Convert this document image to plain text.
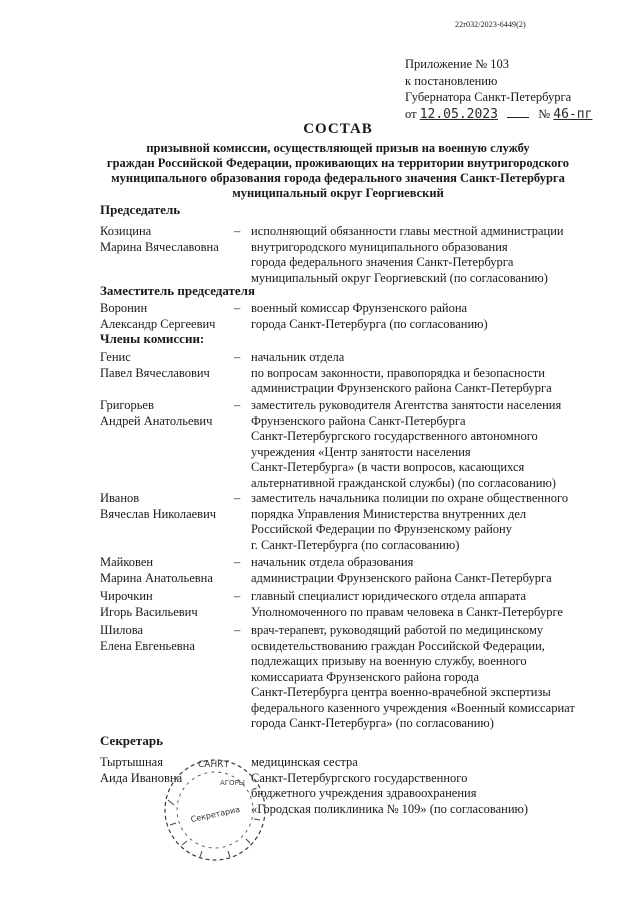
22r032/2023-6449(2)
Приложение № 103
к постановлению
Губернатора Санкт-Петербурга
от 12.05.2023	№ 46-пг
СОСТАВ
призывной комиссии, осуществляющей призыв на военную службу
граждан Российской Федерации, проживающих на территории внутригородского
муниципального образования города федерального значения Санкт-Петербурга
муниципальный округ Георгиевский
Председатель
Козицина
Марина Вячеславовна
– исполняющий обязанности главы местной администрации
внутригородского муниципального образования
города федерального значения Санкт-Петербурга
муниципальный округ Георгиевский (по согласованию)
Заместитель председателя
Воронин
Александр Сергеевич
– военный комиссар Фрунзенского района
города Санкт-Петербурга (по согласованию)
Члены комиссии:
Генис
Павел Вячеславович
– начальник отдела
по вопросам законности, правопорядка и безопасности
администрации Фрунзенского района Санкт-Петербурга
Григорьев
Андрей Анатольевич
– заместитель руководителя Агентства занятости населения
Фрунзенского района Санкт-Петербурга
Санкт-Петербургского государственного автономного
учреждения «Центр занятости населения
Санкт-Петербурга» (в части вопросов, касающихся
альтернативной гражданской службы) (по согласованию)
Иванов
Вячеслав Николаевич
– заместитель начальника полиции по охране общественного
порядка Управления Министерства внутренних дел
Российской Федерации по Фрунзенскому району
г. Санкт-Петербурга (по согласованию)
Майковен
Марина Анатольевна
– начальник отдела образования
администрации Фрунзенского района Санкт-Петербурга
Чирочкин
Игорь Васильевич
– главный специалист юридического отдела аппарата
Уполномоченного по правам человека в Санкт-Петербурге
Шилова
Елена Евгеньевна
– врач-терапевт, руководящий работой по медицинскому
освидетельствованию граждан Российской Федерации,
подлежащих призыву на военную службу, военного
комиссариата Фрунзенского района города
Санкт-Петербурга центра военно-врачебной экспертизы
федерального казенного учреждения «Военный комиссариат
города Санкт-Петербурга» (по согласованию)
Секретарь
Тыртышная
Аида Ивановна
медицинская сестра
Санкт-Петербургского государственного
бюджетного учреждения здравоохранения
«Городская поликлиника № 109» (по согласованию)
САНКТ
Секретариа
АГОРЫ
